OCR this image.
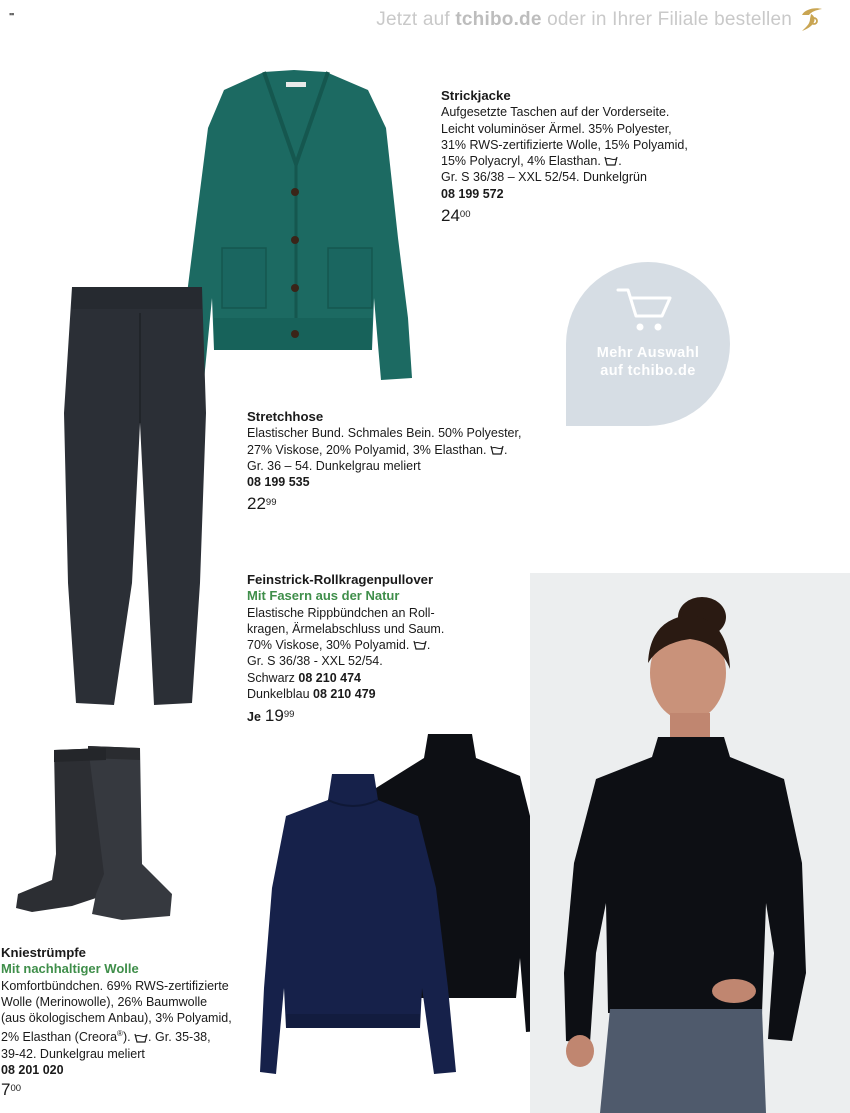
▪▪	Jetzt auf tchibo.de oder in Ihrer Filiale bestellen
Mehr Auswahl
auf tchibo.de
Strickjacke
Aufgesetzte Taschen auf der Vorderseite.
Leicht voluminöser Ärmel. 35% Polyester,
31% RWS-zertifizierte Wolle, 15% Polyamid,
15% Polyacryl, 4% Elasthan. .
Gr. S 36/38 – XXL 52/54. Dunkelgrün
08 199 572
$24^{00}$
Stretchhose
Elastischer Bund. Schmales Bein. 50% Polyester,
27% Viskose, 20% Polyamid, 3% Elasthan. .
Gr. 36 – 54. Dunkelgrau meliert
08 199 535
$22^{99}$
Feinstrick-Rollkragenpullover
Mit Fasern aus der Natur
Elastische Rippbündchen an Roll-
kragen, Ärmelabschluss und Saum.
70% Viskose, 30% Polyamid. .
Gr. S 36/38 - XXL 52/54.
Schwarz 08 210 474
Dunkelblau 08 210 479
Je $19^{99}$
Kniestrümpfe
Mit nachhaltiger Wolle
Komfortbündchen. 69% RWS-zertifizierte
Wolle (Merinowolle), 26% Baumwolle
(aus ökologischem Anbau), 3% Polyamid,
2% Elasthan (Creora®). . Gr. 35-38,
39-42. Dunkelgrau meliert
08 201 020
$7^{00}$
